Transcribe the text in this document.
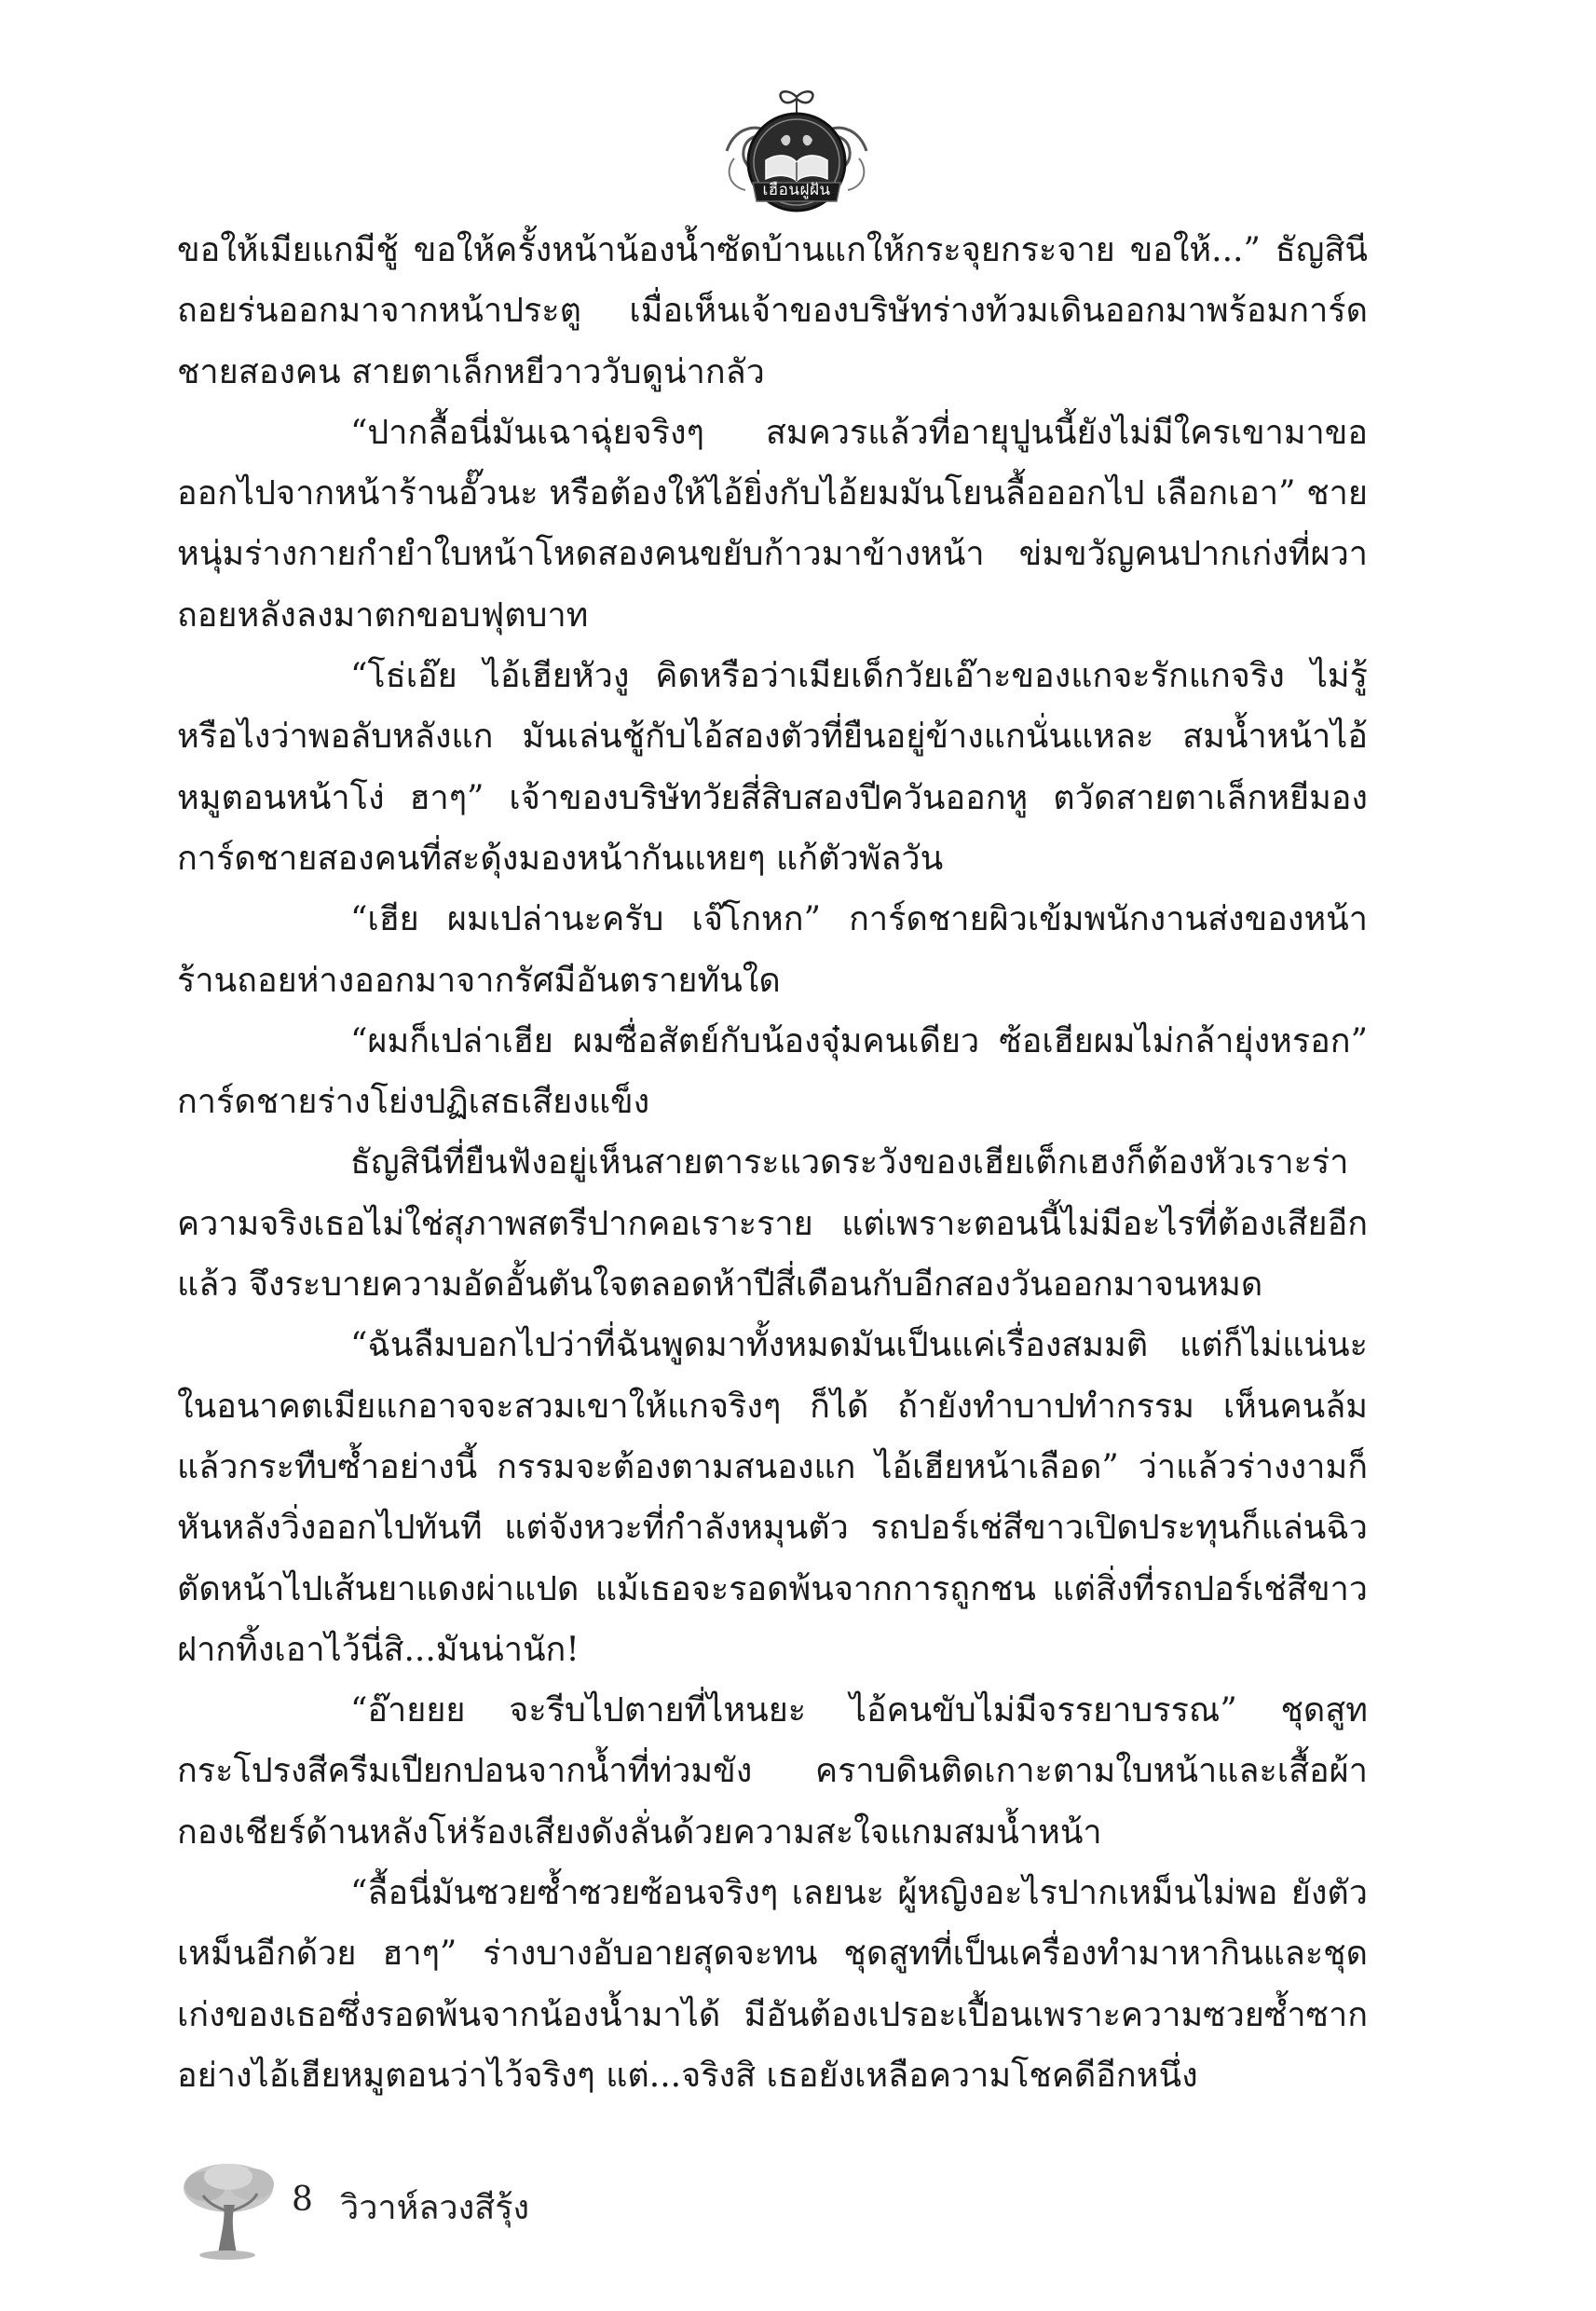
เฮือนฝูฝัน

ขอให้เมียแกมีชู้ ขอให้ครั้งหน้าน้องน้ำซัดบ้านแกให้กระจุยกระจาย ขอให้...” ธัญสินีถอยร่นออกมาจากหน้าประตู เมื่อเห็นเจ้าของบริษัทร่างท้วมเดินออกมาพร้อมการ์ดชายสองคน สายตาเล็กหยีวาววับดูน่ากลัว

“ปากลื้อนี่มันเฉาฉุ่ยจริงๆ สมควรแล้วที่อายุปูนนี้ยังไม่มีใครเขามาขอ ออกไปจากหน้าร้านอั๊วนะ หรือต้องให้ไอ้ยิ่งกับไอ้ยมมันโยนลื้อออกไป เลือกเอา” ชายหนุ่มร่างกายกำยำใบหน้าโหดสองคนขยับก้าวมาข้างหน้า ข่มขวัญคนปากเก่งที่ผวาถอยหลังลงมาตกขอบฟุตบาท

“โธ่เอ๊ย ไอ้เฮียหัวงู คิดหรือว่าเมียเด็กวัยเอ๊าะของแกจะรักแกจริง ไม่รู้หรือไงว่าพอลับหลังแก มันเล่นชู้กับไอ้สองตัวที่ยืนอยู่ข้างแกนั่นแหละ สมน้ำหน้าไอ้หมูตอนหน้าโง่ ฮาๆ” เจ้าของบริษัทวัยสี่สิบสองปีควันออกหู ตวัดสายตาเล็กหยีมองการ์ดชายสองคนที่สะดุ้งมองหน้ากันแหยๆ แก้ตัวพัลวัน

“เฮีย ผมเปล่านะครับ เจ๊โกหก” การ์ดชายผิวเข้มพนักงานส่งของหน้าร้านถอยห่างออกมาจากรัศมีอันตรายทันใด

“ผมก็เปล่าเฮีย ผมซื่อสัตย์กับน้องจุ๋มคนเดียว ซ้อเฮียผมไม่กล้ายุ่งหรอก” การ์ดชายร่างโย่งปฏิเสธเสียงแข็ง

ธัญสินีที่ยืนฟังอยู่เห็นสายตาระแวดระวังของเฮียเต็กเฮงก็ต้องหัวเราะร่า ความจริงเธอไม่ใช่สุภาพสตรีปากคอเราะราย แต่เพราะตอนนี้ไม่มีอะไรที่ต้องเสียอีกแล้ว จึงระบายความอัดอั้นตันใจตลอดห้าปีสี่เดือนกับอีกสองวันออกมาจนหมด

“ฉันลืมบอกไปว่าที่ฉันพูดมาทั้งหมดมันเป็นแค่เรื่องสมมติ แต่ก็ไม่แน่นะ ในอนาคตเมียแกอาจจะสวมเขาให้แกจริงๆ ก็ได้ ถ้ายังทำบาปทำกรรม เห็นคนล้มแล้วกระทืบซ้ำอย่างนี้ กรรมจะต้องตามสนองแก ไอ้เฮียหน้าเลือด” ว่าแล้วร่างงามก็หันหลังวิ่งออกไปทันที แต่จังหวะที่กำลังหมุนตัว รถปอร์เช่สีขาวเปิดประทุนก็แล่นฉิวตัดหน้าไปเส้นยาแดงผ่าแปด แม้เธอจะรอดพ้นจากการถูกชน แต่สิ่งที่รถปอร์เช่สีขาวฝากทิ้งเอาไว้นี่สิ...มันน่านัก!

“อ๊ายยย จะรีบไปตายที่ไหนยะ ไอ้คนขับไม่มีจรรยาบรรณ” ชุดสูทกระโปรงสีครีมเปียกปอนจากน้ำที่ท่วมขัง คราบดินติดเกาะตามใบหน้าและเสื้อผ้า กองเชียร์ด้านหลังโห่ร้องเสียงดังลั่นด้วยความสะใจแกมสมน้ำหน้า

“ลื้อนี่มันซวยซ้ำซวยซ้อนจริงๆ เลยนะ ผู้หญิงอะไรปากเหม็นไม่พอ ยังตัวเหม็นอีกด้วย ฮาๆ” ร่างบางอับอายสุดจะทน ชุดสูทที่เป็นเครื่องทำมาหากินและชุดเก่งของเธอซึ่งรอดพ้นจากน้องน้ำมาได้ มีอันต้องเปรอะเปื้อนเพราะความซวยซ้ำซากอย่างไอ้เฮียหมูตอนว่าไว้จริงๆ แต่...จริงสิ เธอยังเหลือความโชคดีอีกหนึ่ง

8 วิวาห์ลวงสีรุ้ง
